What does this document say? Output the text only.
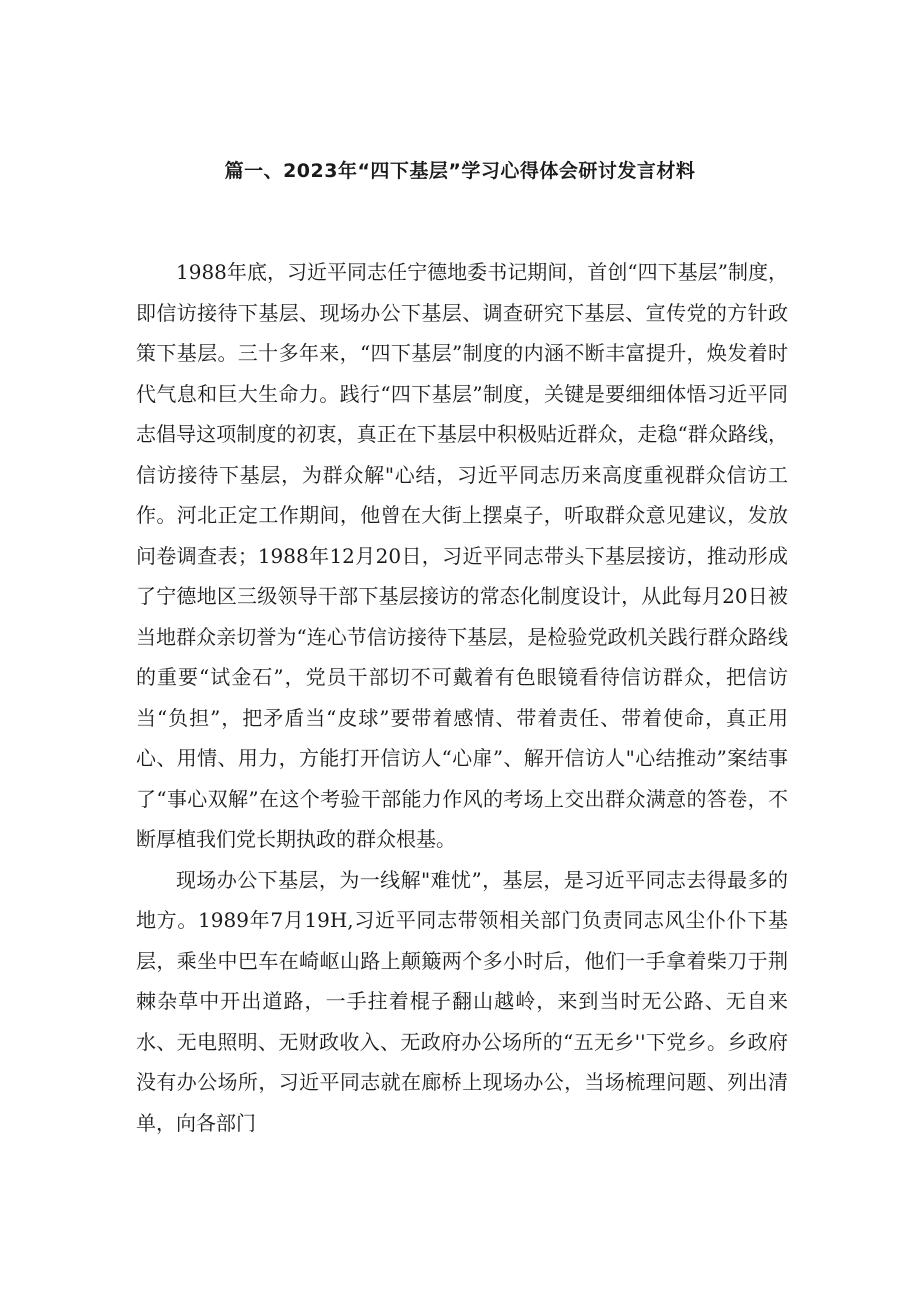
篇一、2023年“四下基层”学习心得体会研讨发言材料

1988年底，习近平同志任宁德地委书记期间，首创“四下基层”制度，即信访接待下基层、现场办公下基层、调查研究下基层、宣传党的方针政策下基层。三十多年来，“四下基层”制度的内涵不断丰富提升，焕发着时代气息和巨大生命力。践行“四下基层”制度，关键是要细细体悟习近平同志倡导这项制度的初衷，真正在下基层中积极贴近群众，走稳“群众路线，信访接待下基层，为群众解"心结，习近平同志历来高度重视群众信访工作。河北正定工作期间，他曾在大街上摆桌子，听取群众意见建议，发放问卷调查表；1988年12月20日，习近平同志带头下基层接访，推动形成了宁德地区三级领导干部下基层接访的常态化制度设计，从此每月20日被当地群众亲切誉为“连心节信访接待下基层，是检验党政机关践行群众路线的重要“试金石”，党员干部切不可戴着有色眼镜看待信访群众，把信访当“负担”，把矛盾当“皮球”要带着感情、带着责任、带着使命，真正用心、用情、用力，方能打开信访人“心扉”、解开信访人"心结推动”案结事了“事心双解”在这个考验干部能力作风的考场上交出群众满意的答卷，不断厚植我们党长期执政的群众根基。

现场办公下基层，为一线解"难忧”，基层，是习近平同志去得最多的地方。1989年7月19H,习近平同志带领相关部门负责同志风尘仆仆下基层，乘坐中巴车在崎岖山路上颠簸两个多小时后，他们一手拿着柴刀于荆棘杂草中开出道路，一手拄着棍子翻山越岭，来到当时无公路、无自来水、无电照明、无财政收入、无政府办公场所的“五无乡''下党乡。乡政府没有办公场所，习近平同志就在廊桥上现场办公，当场梳理问题、列出清单，向各部门
